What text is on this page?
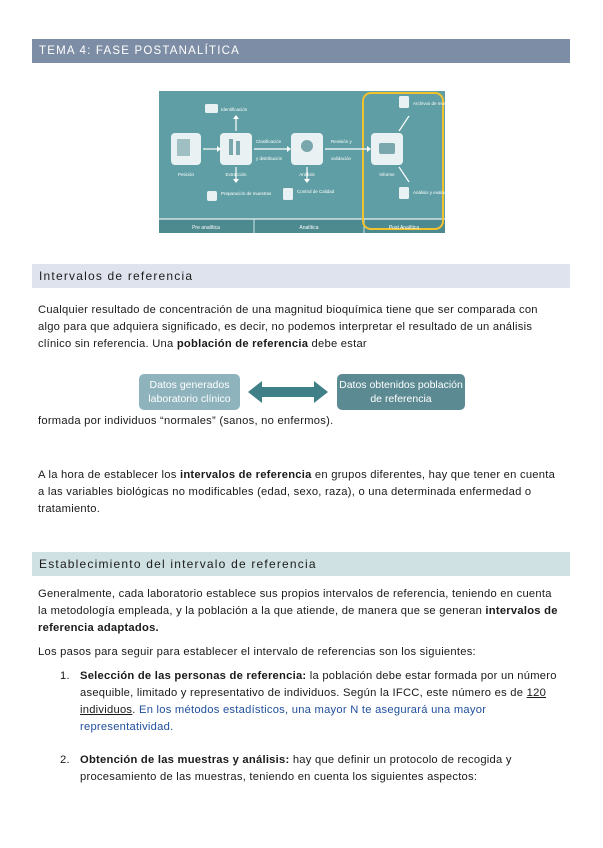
TEMA 4: FASE POSTANALÍTICA
Petición	Extracción	Análisis	Informe
Identificación
Preparación de muestras	Control de Calidad
Archivos de muestra
Análisis y evaluación estadística
Clasificación
y distribución
Revisión y
validación
Pre analítica	Analítica	Post Analítica
Intervalos de referencia

Cualquier resultado de concentración de una magnitud bioquímica tiene que ser comparada con algo para que adquiera significado, es decir, no podemos interpretar el resultado de un análisis clínico sin referencia. Una población de referencia debe estar

Datos generados laboratorio clínico
Datos obtenidos población de referencia

formada por individuos “normales” (sanos, no enfermos).

A la hora de establecer los intervalos de referencia en grupos diferentes, hay que tener en cuenta a las variables biológicas no modificables (edad, sexo, raza), o una determinada enfermedad o tratamiento.

Establecimiento del intervalo de referencia

Generalmente, cada laboratorio establece sus propios intervalos de referencia, teniendo en cuenta la metodología empleada, y la población a la que atiende, de manera que se generan intervalos de referencia adaptados.

Los pasos para seguir para establecer el intervalo de referencias son los siguientes:

1. Selección de las personas de referencia: la población debe estar formada por un número asequible, limitado y representativo de individuos. Según la IFCC, este número es de 120 individuos. En los métodos estadísticos, una mayor N te asegurará una mayor representatividad.
2. Obtención de las muestras y análisis: hay que definir un protocolo de recogida y procesamiento de las muestras, teniendo en cuenta los siguientes aspectos:
